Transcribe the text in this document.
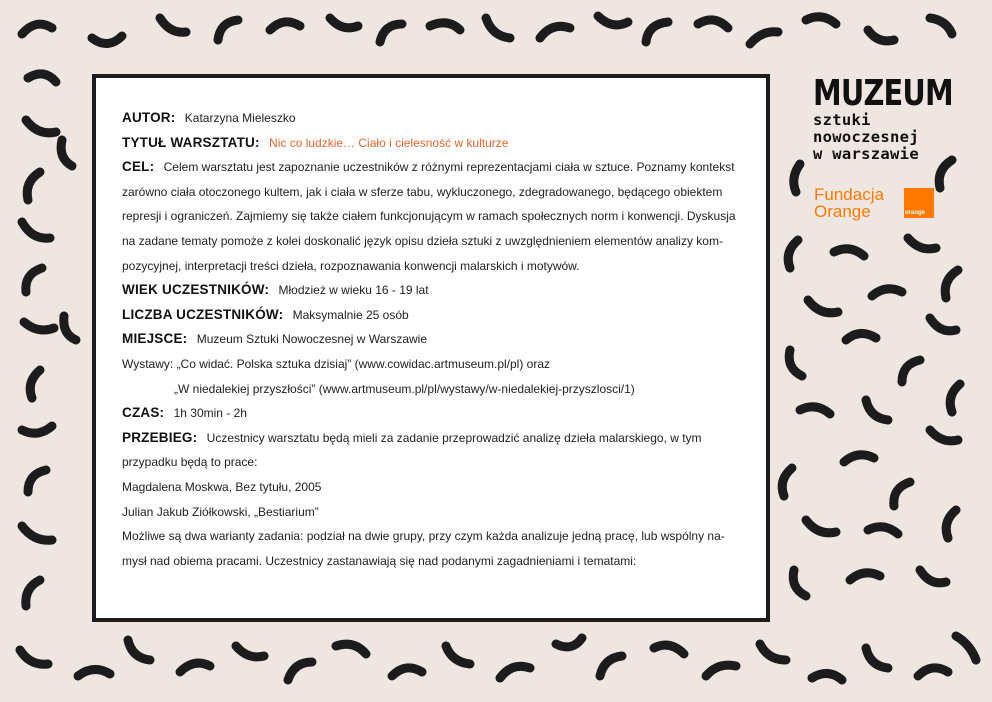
AUTOR: Katarzyna Mieleszko
TYTUŁ WARSZTATU: Nic co ludzkie… Ciało i cielesność w kulturze
CEL: Celem warsztatu jest zapoznanie uczestników z różnymi reprezentacjami ciała w sztuce. Poznamy kontekst
zarówno ciała otoczonego kultem, jak i ciała w sferze tabu, wykluczonego, zdegradowanego, będącego obiektem
represji i ograniczeń. Zajmiemy się także ciałem funkcjonującym w ramach społecznych norm i konwencji. Dyskusja
na zadane tematy pomoże z kolei doskonalić język opisu dzieła sztuki z uwzględnieniem elementów analizy kom-
pozycyjnej, interpretacji treści dzieła, rozpoznawania konwencji malarskich i motywów.
WIEK UCZESTNIKÓW: Młodzież w wieku 16 - 19 lat
LICZBA UCZESTNIKÓW: Maksymalnie 25 osób
MIEJSCE: Muzeum Sztuki Nowoczesnej w Warszawie
Wystawy: „Co widać. Polska sztuka dzisiaj” (www.cowidac.artmuseum.pl/pl) oraz
„W niedalekiej przyszłości” (www.artmuseum.pl/pl/wystawy/w-niedalekiej-przyszlosci/1)
CZAS: 1h 30min - 2h
PRZEBIEG: Uczestnicy warsztatu będą mieli za zadanie przeprowadzić analizę dzieła malarskiego, w tym
przypadku będą to prace:
Magdalena Moskwa, Bez tytułu, 2005
Julian Jakub Ziółkowski, „Bestiarium”
Możliwe są dwa warianty zadania: podział na dwie grupy, przy czym każda analizuje jedną pracę, lub wspólny na-
mysł nad obiema pracami. Uczestnicy zastanawiają się nad podanymi zagadnieniami i tematami:
MUZEUM
sztuki
nowoczesnej
w warszawie
Fundacja
Orange	orange
